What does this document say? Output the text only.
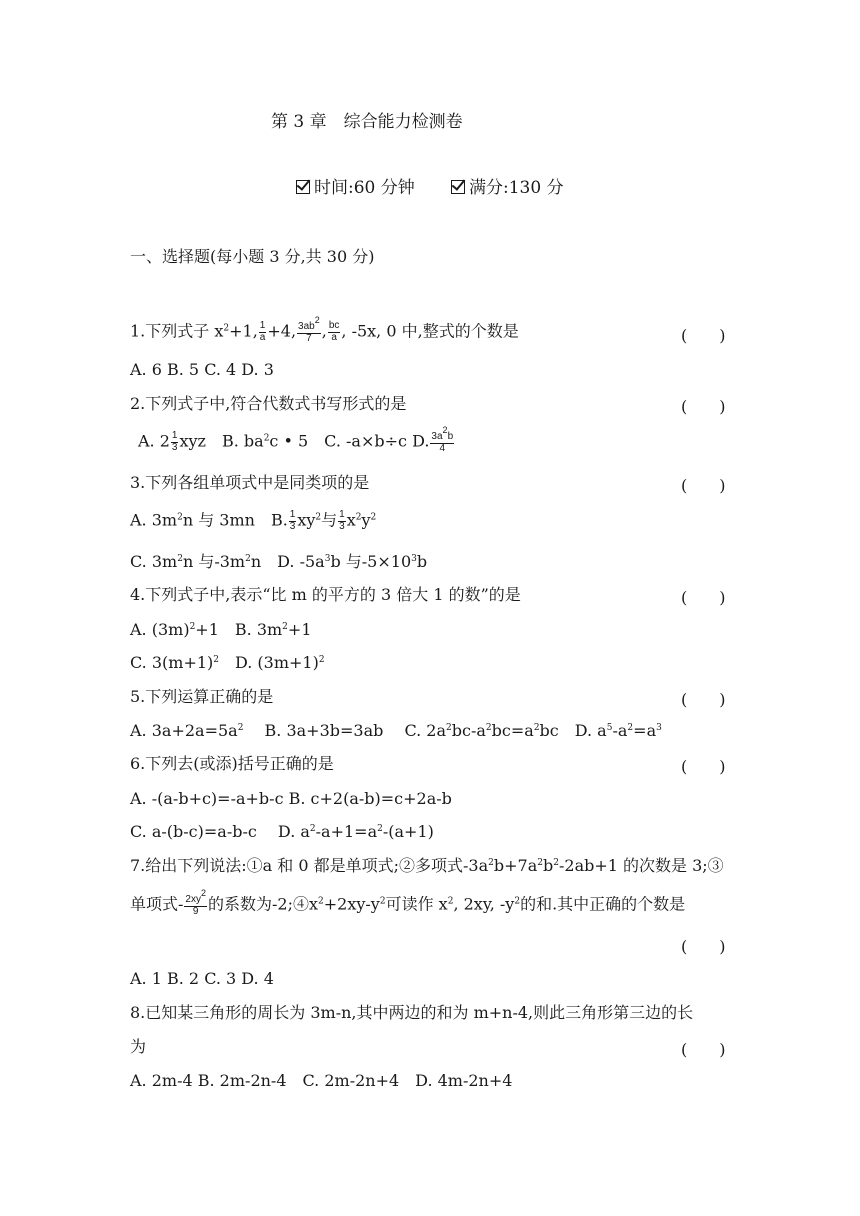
第 3 章　综合能力检测卷
时间:60 分钟	满分:130 分
一、选择题(每小题 3 分,共 30 分)
1.下列式子 $x^2+1$, $\frac{1}{a} +4$, $\frac{3ab^2}{7}$ , $\frac{bc}{a}$ , -5x, 0 中,整式的个数是	(　　)
A. 6 B. 5 C. 4 D. 3
2.下列式子中,符合代数式书写形式的是	(　　)
A. $2 \frac{1}{3}$ xyz　B. $ba^2c$ • 5　C. -a×b÷c D. $\frac{3a^2b}{4}$
3.下列各组单项式中是同类项的是	(　　)
A. $3m^2n$ 与 3mn　B. $\frac{1}{3} xy^2$与 $\frac{1}{3} x^2y^2$
C. $3m^2n$ 与$-3m^2n$　D. $-5a^3b$ 与$-5\times 10^3b$
4.下列式子中,表示“比 m 的平方的 3 倍大 1 的数”的是	(　　)
A. $(3m)^2+1$　B. $3m^2+1$
C. $3(m+1)^2$　D. $(3m+1)^2$
5.下列运算正确的是	(　　)
A. $3a+2a=5a^2$　 B. 3a+3b=3ab　 C. $2a^2bc-a^2bc=a^2bc$　D. $a^5-a^2=a^3$
6.下列去(或添)括号正确的是	(　　)
A. -(a-b+c)=-a+b-c B. c+2(a-b)=c+2a-b
C. a-(b-c)=a-b-c　 D. $a^2-a+1=a^2-(a+1)$
7.给出下列说法:①a 和 0 都是单项式;②多项式$-3a^2b+7a^2b^2-2ab+1$ 的次数是 3;③
单项式- $\frac{2xy^2}{9}$ 的系数为$-2;④x^2+2xy-y^2$可读作 $x^2$, 2xy, $-y^2$的和.其中正确的个数是
(　　)
A. 1 B. 2 C. 3 D. 4
8.已知某三角形的周长为 3m-n,其中两边的和为 m+n-4,则此三角形第三边的长
为	(　　)
A. 2m-4 B. 2m-2n-4　C. 2m-2n+4　D. 4m-2n+4
